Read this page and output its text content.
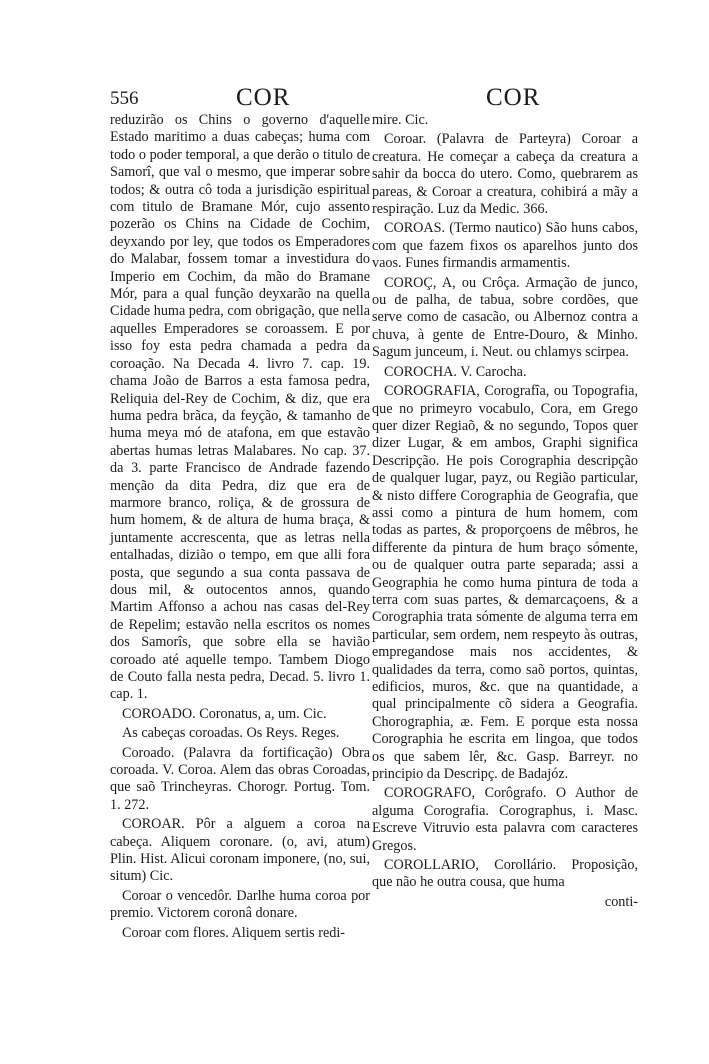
556	COR	COR

reduzirão os Chins o governo d'aquelle Estado maritimo a duas cabeças; huma com todo o poder temporal, a que derão o titulo de Samorî, que val o mesmo, que imperar sobre todos; & outra cô toda a jurisdição espiritual com titulo de Bramane Mór, cujo assento pozerão os Chins na Cidade de Cochim, deyxando por ley, que todos os Emperadores do Malabar, fossem tomar a investidura do Imperio em Cochim, da mão do Bramane Mór, para a qual função deyxarão na quella Cidade huma pedra, com obrigação, que nella aquelles Emperadores se coroassem. E por isso foy esta pedra chamada a pedra da coroação. Na Decada 4. livro 7. cap. 19. chama João de Barros a esta famosa pedra, Reliquia del-Rey de Cochim, & diz, que era huma pedra brãca, da feyção, & tamanho de huma meya mó de atafona, em que estavão abertas humas letras Malabares. No cap. 37. da 3. parte Francisco de Andrade fazendo menção da dita Pedra, diz que era de marmore branco, roliça, & de grossura de hum homem, & de altura de huma braça, & juntamente accrescenta, que as letras nella entalhadas, dizião o tempo, em que alli fora posta, que segundo a sua conta passava de dous mil, & outocentos annos, quando Martim Affonso a achou nas casas del-Rey de Repelim; estavão nella escritos os nomes dos Samorîs, que sobre ella se havião coroado até aquelle tempo. Tambem Diogo de Couto falla nesta pedra, Decad. 5. livro 1. cap. 1.

COROADO. Coronatus, a, um. Cic.

As cabeças coroadas. Os Reys. Reges.

Coroado. (Palavra da fortificação) Obra coroada. V. Coroa. Alem das obras Coroadas, que saõ Trincheyras. Chorogr. Portug. Tom. 1. 272.

COROAR. Pôr a alguem a coroa na cabeça. Aliquem coronare. (o, avi, atum) Plin. Hist. Alicui coronam imponere, (no, sui, situm) Cic.

Coroar o vencedôr. Darlhe huma coroa por premio. Victorem coronâ donare.

Coroar com flores. Aliquem sertis redi-

mire. Cic.

Coroar. (Palavra de Parteyra) Coroar a creatura. He começar a cabeça da creatura a sahir da bocca do utero. Como, quebrarem as pareas, & Coroar a creatura, cohibirá a mãy a respiração. Luz da Medic. 366.

COROAS. (Termo nautico) São huns cabos, com que fazem fixos os aparelhos junto dos vaos. Funes firmandis armamentis.

COROÇ, A, ou Crôça. Armação de junco, ou de palha, de tabua, sobre cordões, que serve como de casacão, ou Albernoz contra a chuva, à gente de Entre-Douro, & Minho. Sagum junceum, i. Neut. ou chlamys scirpea.

COROCHA. V. Carocha.

COROGRAFIA, Corografîa, ou Topografia, que no primeyro vocabulo, Cora, em Grego quer dizer Regiaõ, & no segundo, Topos quer dizer Lugar, & em ambos, Graphi significa Descripção. He pois Corographia descripção de qualquer lugar, payz, ou Região particular, & nisto differe Corographia de Geografia, que assi como a pintura de hum homem, com todas as partes, & proporçoens de mêbros, he differente da pintura de hum braço sómente, ou de qualquer outra parte separada; assi a Geographia he como huma pintura de toda a terra com suas partes, & demarcaçoens, & a Corographia trata sómente de alguma terra em particular, sem ordem, nem respeyto às outras, empregandose mais nos accidentes, & qualidades da terra, como saõ portos, quintas, edificios, muros, &c. que na quantidade, a qual principalmente cõ sidera a Geografia. Chorographia, æ. Fem. E porque esta nossa Corographia he escrita em lingoa, que todos os que sabem lêr, &c. Gasp. Barreyr. no principio da Descripç. de Badajóz.

COROGRAFO, Corôgrafo. O Author de alguma Corografia. Corographus, i. Masc. Escreve Vitruvio esta palavra com caracteres Gregos.

COROLLARIO, Corollário. Proposição, que não he outra cousa, que huma

conti-
